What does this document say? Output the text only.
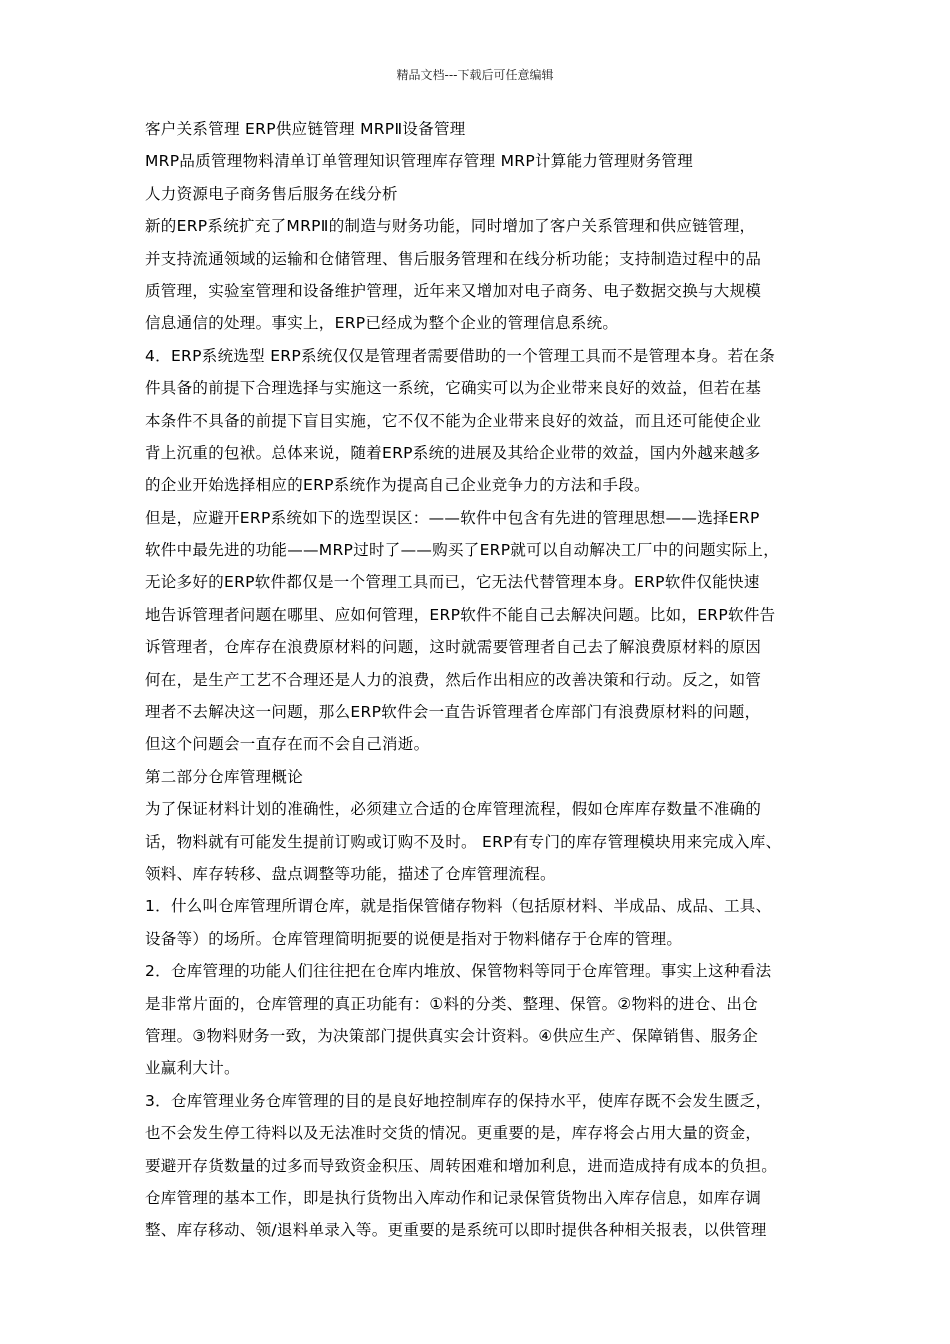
精品文档---下载后可任意编辑
客户关系管理 ERP供应链管理 MRPⅡ设备管理
MRP品质管理物料清单订单管理知识管理库存管理 MRP计算能力管理财务管理
人力资源电子商务售后服务在线分析
新的ERP系统扩充了MRPⅡ的制造与财务功能，同时增加了客户关系管理和供应链管理，
并支持流通领域的运输和仓储管理、售后服务管理和在线分析功能；支持制造过程中的品
质管理，实验室管理和设备维护管理，近年来又增加对电子商务、电子数据交换与大规模
信息通信的处理。事实上，ERP已经成为整个企业的管理信息系统。
4．ERP系统选型 ERP系统仅仅是管理者需要借助的一个管理工具而不是管理本身。若在条
件具备的前提下合理选择与实施这一系统，它确实可以为企业带来良好的效益，但若在基
本条件不具备的前提下盲目实施，它不仅不能为企业带来良好的效益，而且还可能使企业
背上沉重的包袱。总体来说，随着ERP系统的进展及其给企业带的效益，国内外越来越多
的企业开始选择相应的ERP系统作为提高自己企业竞争力的方法和手段。
但是，应避开ERP系统如下的选型误区：——软件中包含有先进的管理思想——选择ERP
软件中最先进的功能——MRP过时了——购买了ERP就可以自动解决工厂中的问题实际上，
无论多好的ERP软件都仅是一个管理工具而已，它无法代替管理本身。ERP软件仅能快速
地告诉管理者问题在哪里、应如何管理，ERP软件不能自己去解决问题。比如，ERP软件告
诉管理者，仓库存在浪费原材料的问题，这时就需要管理者自己去了解浪费原材料的原因
何在，是生产工艺不合理还是人力的浪费，然后作出相应的改善决策和行动。反之，如管
理者不去解决这一问题，那么ERP软件会一直告诉管理者仓库部门有浪费原材料的问题，
但这个问题会一直存在而不会自己消逝。
第二部分仓库管理概论
为了保证材料计划的准确性，必须建立合适的仓库管理流程，假如仓库库存数量不准确的
话，物料就有可能发生提前订购或订购不及时。 ERP有专门的库存管理模块用来完成入库、
领料、库存转移、盘点调整等功能，描述了仓库管理流程。
1．什么叫仓库管理所谓仓库，就是指保管储存物料（包括原材料、半成品、成品、工具、
设备等）的场所。仓库管理简明扼要的说便是指对于物料储存于仓库的管理。
2．仓库管理的功能人们往往把在仓库内堆放、保管物料等同于仓库管理。事实上这种看法
是非常片面的，仓库管理的真正功能有：①料的分类、整理、保管。②物料的进仓、出仓
管理。③物料财务一致，为决策部门提供真实会计资料。④供应生产、保障销售、服务企
业赢利大计。
3．仓库管理业务仓库管理的目的是良好地控制库存的保持水平，使库存既不会发生匮乏，
也不会发生停工待料以及无法准时交货的情况。更重要的是，库存将会占用大量的资金，
要避开存货数量的过多而导致资金积压、周转困难和增加利息，进而造成持有成本的负担。
仓库管理的基本工作，即是执行货物出入库动作和记录保管货物出入库存信息，如库存调
整、库存移动、领/退料单录入等。更重要的是系统可以即时提供各种相关报表，以供管理
